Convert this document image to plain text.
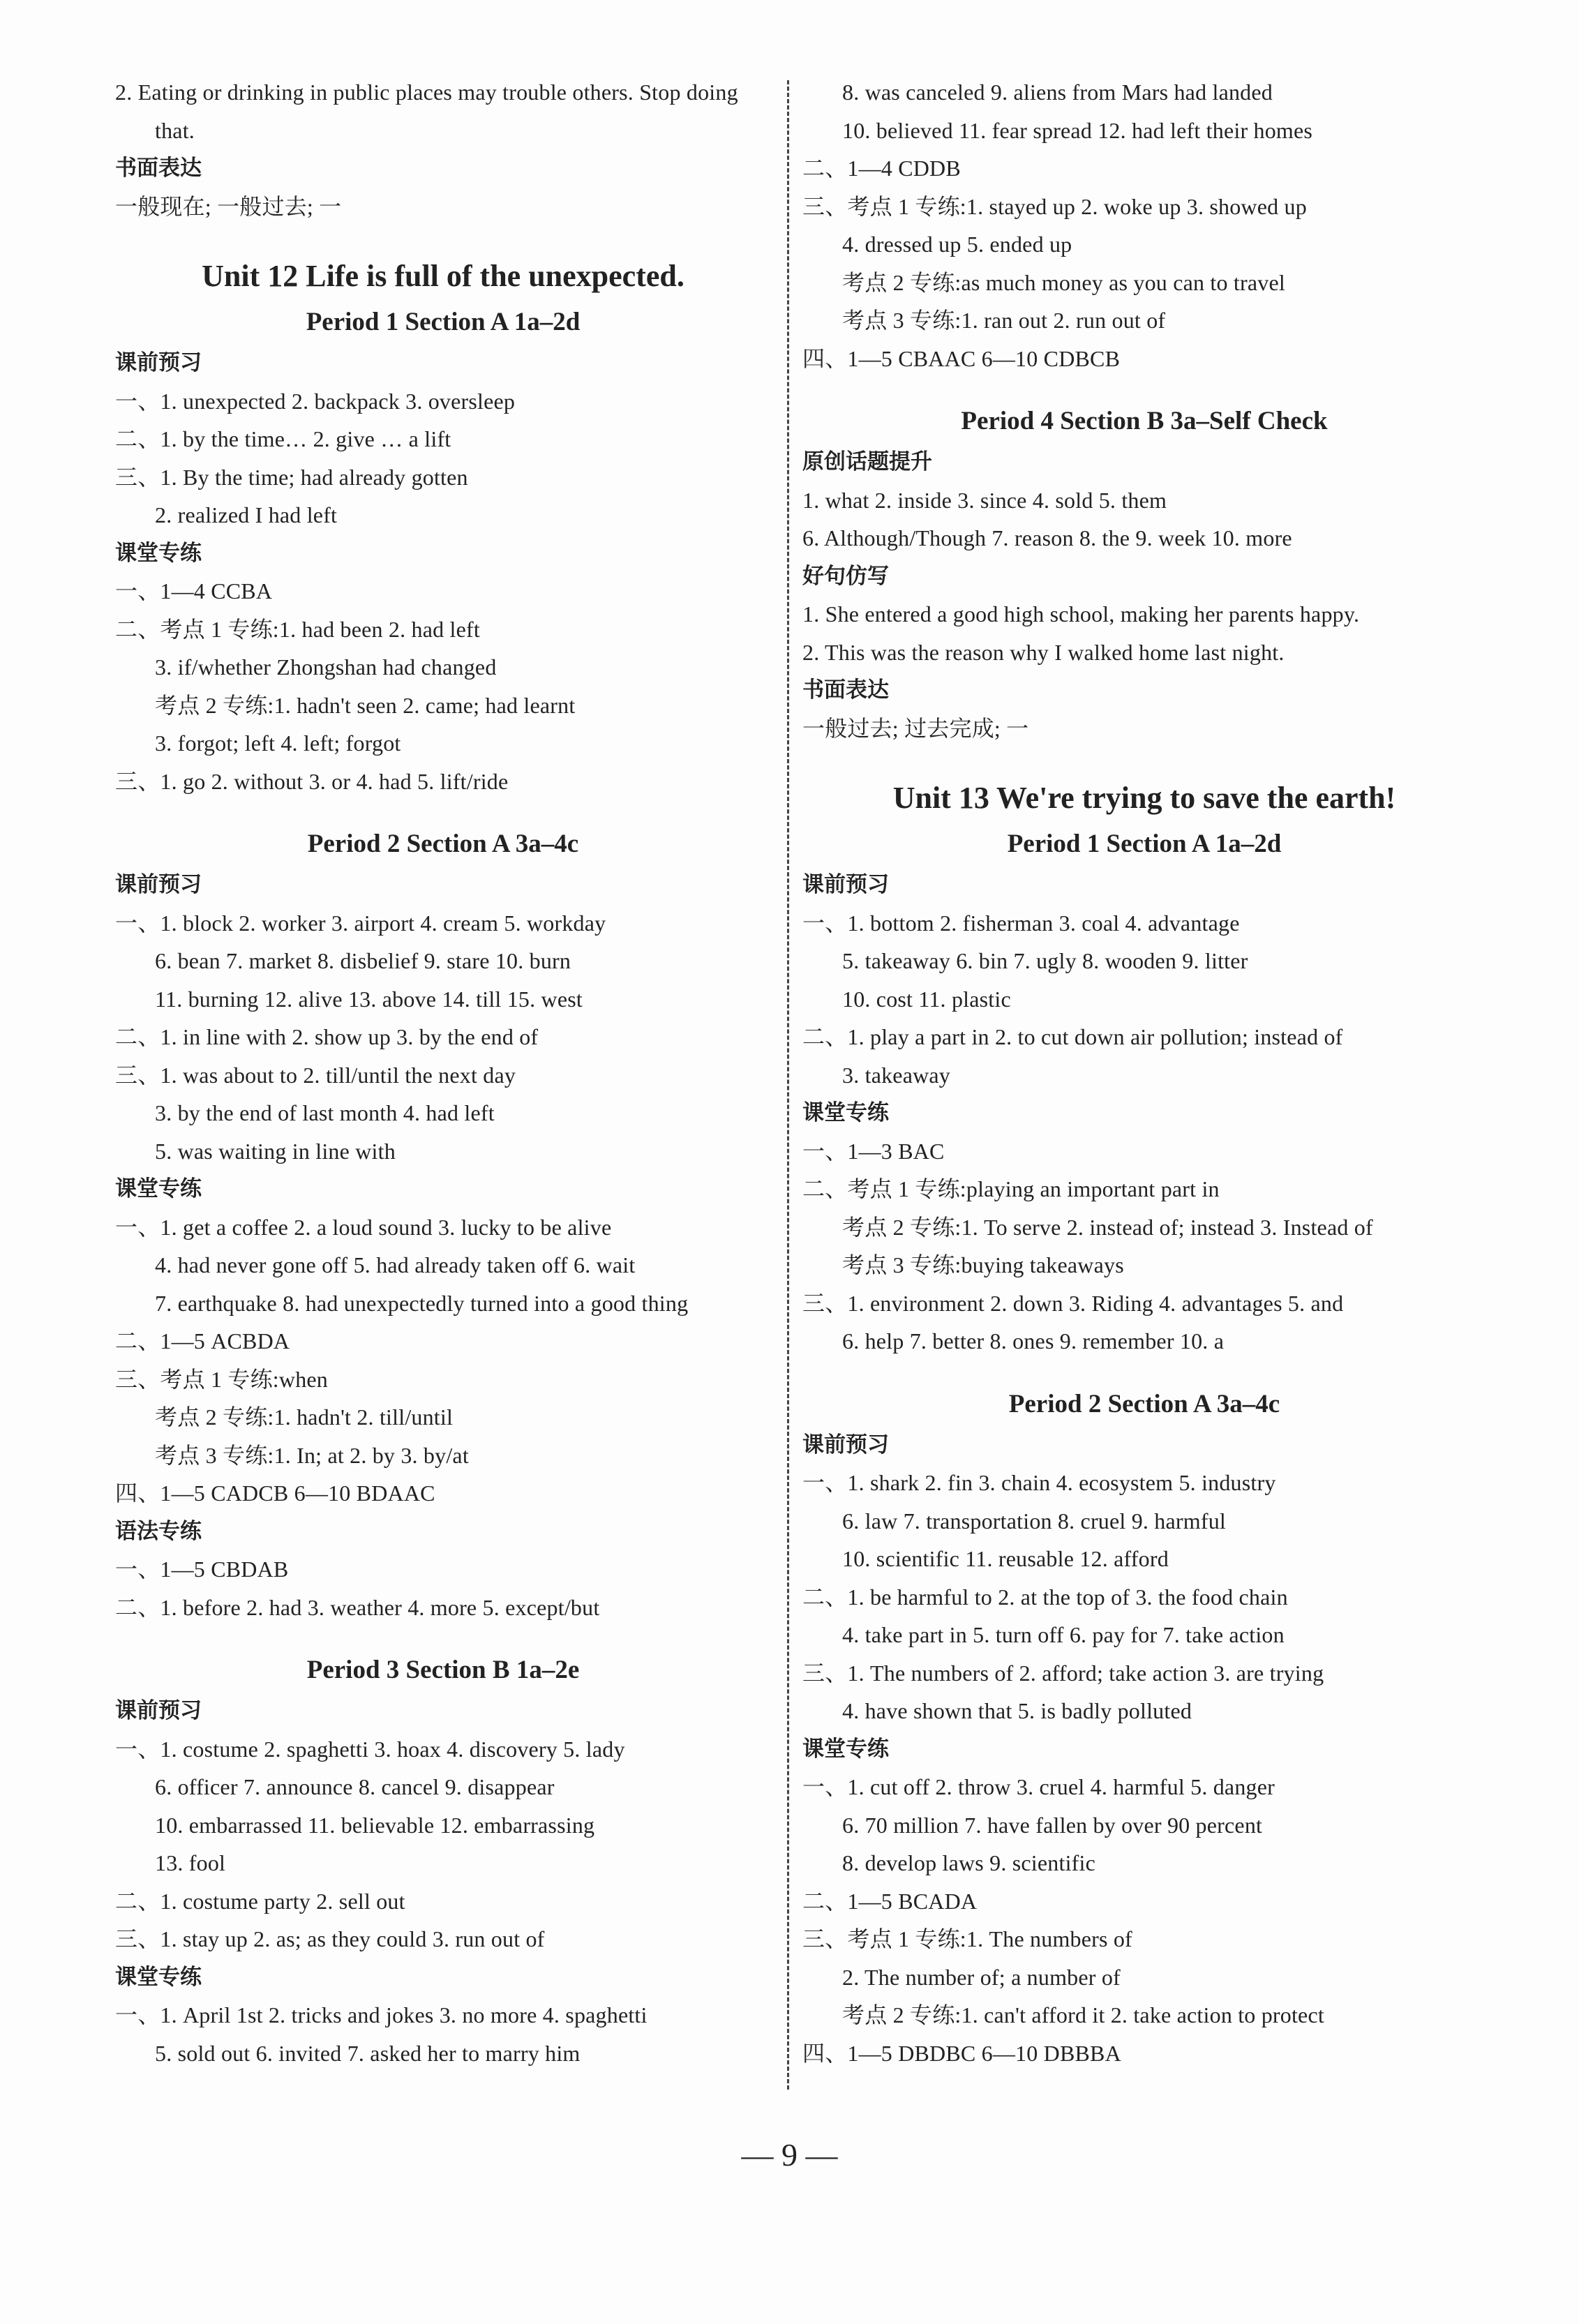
2. Eating or drinking in public places may trouble others. Stop doing
that.
书面表达
一般现在; 一般过去; 一
Unit 12 Life is full of the unexpected.
Period 1 Section A 1a–2d
课前预习
一、1. unexpected 2. backpack 3. oversleep
二、1. by the time… 2. give … a lift
三、1. By the time; had already gotten
2. realized I had left
课堂专练
一、1—4 CCBA
二、考点 1 专练:1. had been 2. had left
3. if/whether Zhongshan had changed
考点 2 专练:1. hadn't seen 2. came; had learnt
3. forgot; left 4. left; forgot
三、1. go 2. without 3. or 4. had 5. lift/ride
Period 2 Section A 3a–4c
课前预习
一、1. block 2. worker 3. airport 4. cream 5. workday
6. bean 7. market 8. disbelief 9. stare 10. burn
11. burning 12. alive 13. above 14. till 15. west
二、1. in line with 2. show up 3. by the end of
三、1. was about to 2. till/until the next day
3. by the end of last month 4. had left
5. was waiting in line with
课堂专练
一、1. get a coffee 2. a loud sound 3. lucky to be alive
4. had never gone off 5. had already taken off 6. wait
7. earthquake 8. had unexpectedly turned into a good thing
二、1—5 ACBDA
三、考点 1 专练:when
考点 2 专练:1. hadn't 2. till/until
考点 3 专练:1. In; at 2. by 3. by/at
四、1—5 CADCB 6—10 BDAAC
语法专练
一、1—5 CBDAB
二、1. before 2. had 3. weather 4. more 5. except/but
Period 3 Section B 1a–2e
课前预习
一、1. costume 2. spaghetti 3. hoax 4. discovery 5. lady
6. officer 7. announce 8. cancel 9. disappear
10. embarrassed 11. believable 12. embarrassing
13. fool
二、1. costume party 2. sell out
三、1. stay up 2. as; as they could 3. run out of
课堂专练
一、1. April 1st 2. tricks and jokes 3. no more 4. spaghetti
5. sold out 6. invited 7. asked her to marry him
8. was canceled 9. aliens from Mars had landed
10. believed 11. fear spread 12. had left their homes
二、1—4 CDDB
三、考点 1 专练:1. stayed up 2. woke up 3. showed up
4. dressed up 5. ended up
考点 2 专练:as much money as you can to travel
考点 3 专练:1. ran out 2. run out of
四、1—5 CBAAC 6—10 CDBCB
Period 4 Section B 3a–Self Check
原创话题提升
1. what 2. inside 3. since 4. sold 5. them
6. Although/Though 7. reason 8. the 9. week 10. more
好句仿写
1. She entered a good high school, making her parents happy.
2. This was the reason why I walked home last night.
书面表达
一般过去; 过去完成; 一
Unit 13 We're trying to save the earth!
Period 1 Section A 1a–2d
课前预习
一、1. bottom 2. fisherman 3. coal 4. advantage
5. takeaway 6. bin 7. ugly 8. wooden 9. litter
10. cost 11. plastic
二、1. play a part in 2. to cut down air pollution; instead of
3. takeaway
课堂专练
一、1—3 BAC
二、考点 1 专练:playing an important part in
考点 2 专练:1. To serve 2. instead of; instead 3. Instead of
考点 3 专练:buying takeaways
三、1. environment 2. down 3. Riding 4. advantages 5. and
6. help 7. better 8. ones 9. remember 10. a
Period 2 Section A 3a–4c
课前预习
一、1. shark 2. fin 3. chain 4. ecosystem 5. industry
6. law 7. transportation 8. cruel 9. harmful
10. scientific 11. reusable 12. afford
二、1. be harmful to 2. at the top of 3. the food chain
4. take part in 5. turn off 6. pay for 7. take action
三、1. The numbers of 2. afford; take action 3. are trying
4. have shown that 5. is badly polluted
课堂专练
一、1. cut off 2. throw 3. cruel 4. harmful 5. danger
6. 70 million 7. have fallen by over 90 percent
8. develop laws 9. scientific
二、1—5 BCADA
三、考点 1 专练:1. The numbers of
2. The number of; a number of
考点 2 专练:1. can't afford it 2. take action to protect
四、1—5 DBDBC 6—10 DBBBA
— 9 —
